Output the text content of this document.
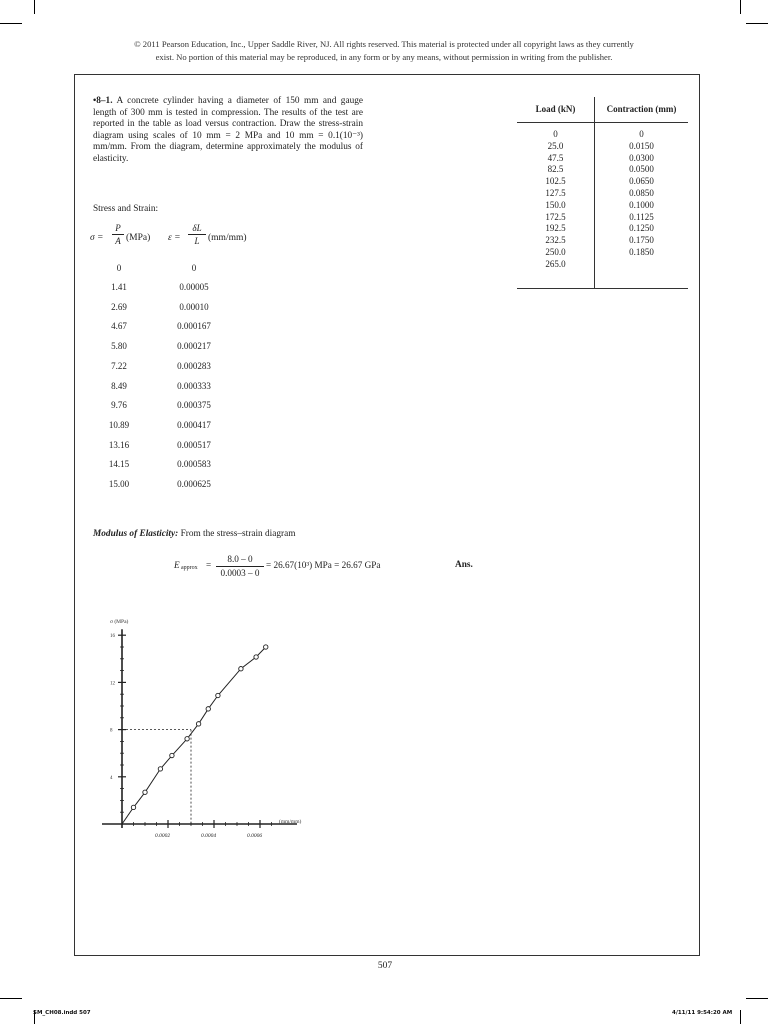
© 2011 Pearson Education, Inc., Upper Saddle River, NJ. All rights reserved. This material is protected under all copyright laws as they currently
exist. No portion of this material may be reproduced, in any form or by any means, without permission in writing from the publisher.
•8–1. A concrete cylinder having a diameter of 150 mm and gauge length of 300 mm is tested in compression. The results of the test are reported in the table as load versus contraction. Draw the stress-strain diagram using scales of 10 mm = 2 MPa and 10 mm = 0.1(10⁻³) mm/mm. From the diagram, determine approximately the modulus of elasticity.
Stress and Strain:
$\sigma = \frac{P}{A} (MPa) \varepsilon = \frac{\delta L}{L} (mm/mm)$
0	0
1.41	0.00005
2.69	0.00010
4.67	0.000167
5.80	0.000217
7.22	0.000283
8.49	0.000333
9.76	0.000375
10.89	0.000417
13.16	0.000517
14.15	0.000583
15.00	0.000625
Load (kN)	Contraction (mm)
0	0
25.0	0.0150
47.5	0.0300
82.5	0.0500
102.5	0.0650
127.5	0.0850
150.0	0.1000
172.5	0.1125
192.5	0.1250
232.5	0.1750
250.0	0.1850
265.0
Modulus of Elasticity: From the stress–strain diagram
E approx = $\frac{8.0 - 0}{0.0003 - 0} = 26.67(10^3)$ MPa = 26.67 GPa	Ans.
σ (MPa)
(mm/mm)
4
8
12
16
0.0002	0.0004	0.0006
507
SM_CH08.indd 507	4/11/11 9:54:20 AM
